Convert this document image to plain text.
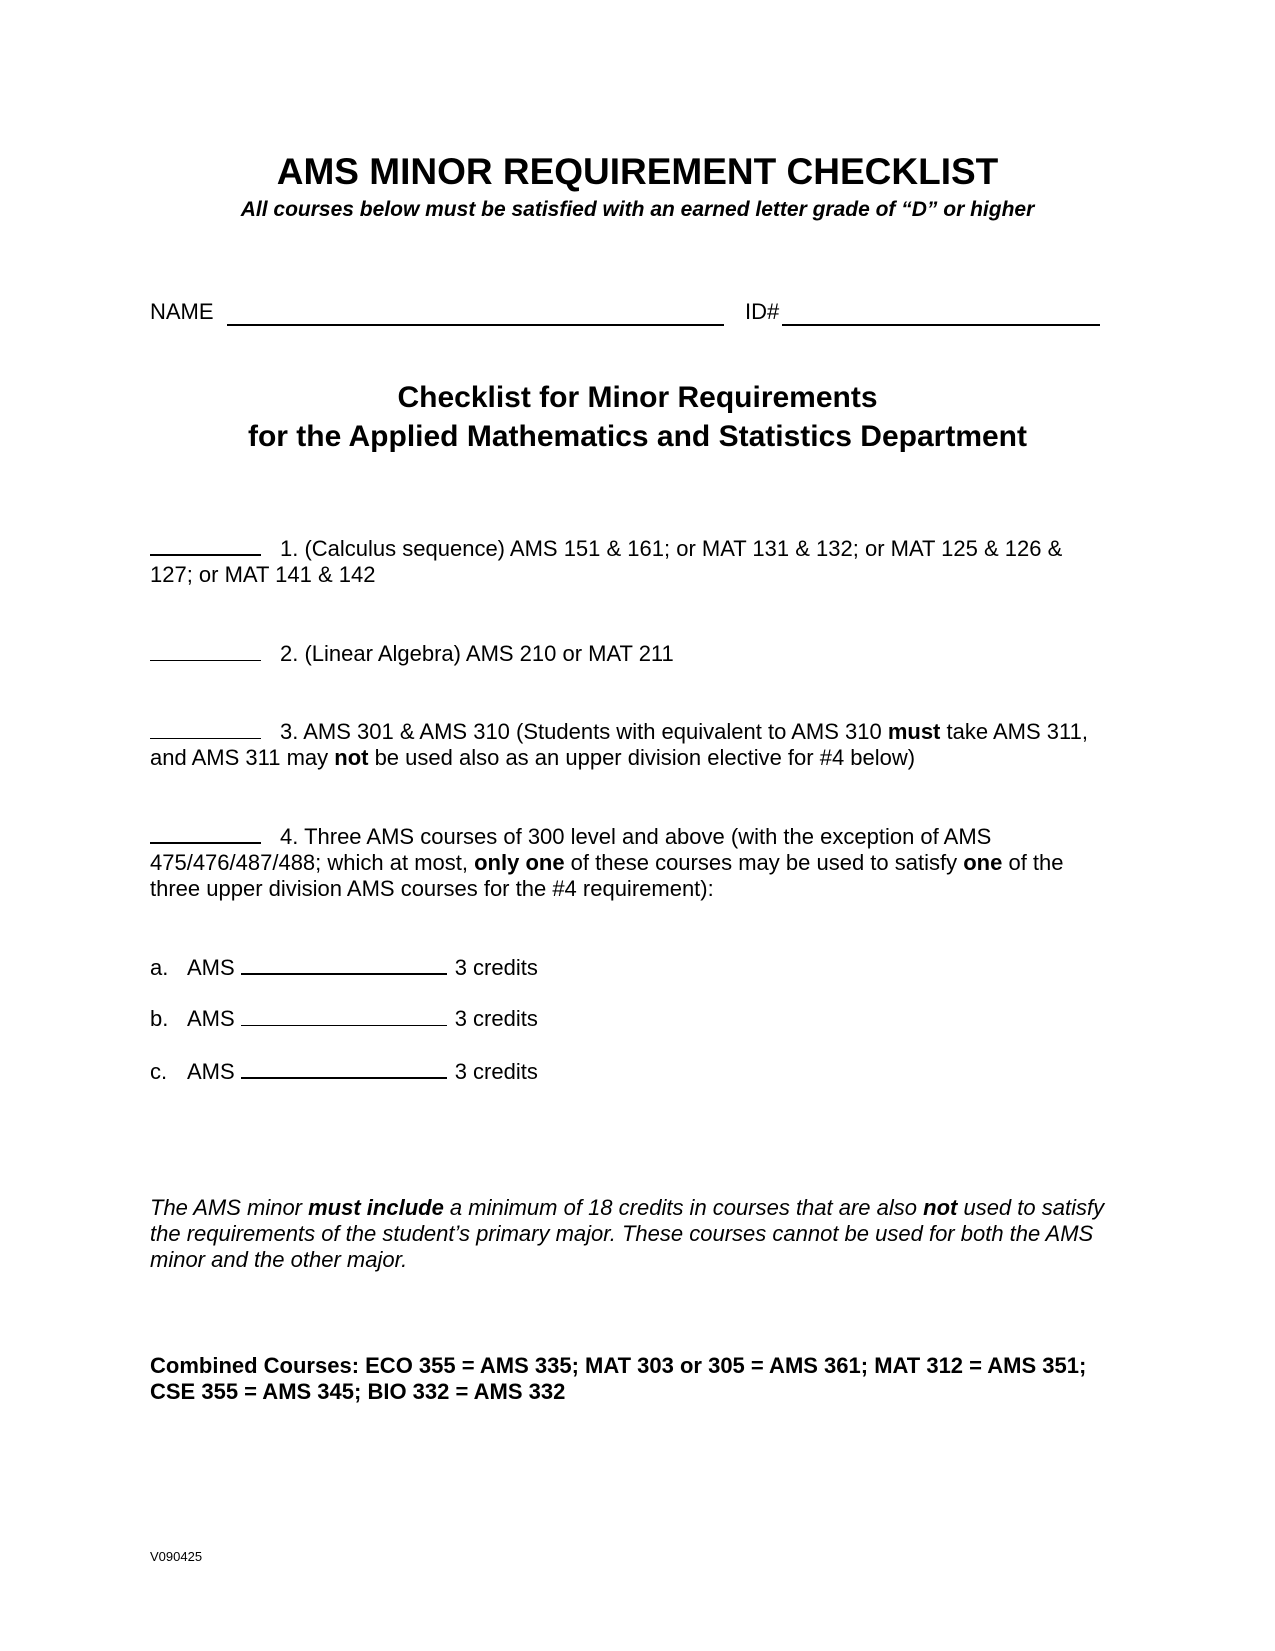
AMS MINOR REQUIREMENT CHECKLIST
All courses below must be satisfied with an earned letter grade of “D” or higher
NAME	ID#
Checklist for Minor Requirements
for the Applied Mathematics and Statistics Department
1. (Calculus sequence) AMS 151 & 161; or MAT 131 & 132; or MAT 125 & 126 & 127; or MAT 141 & 142
2. (Linear Algebra) AMS 210 or MAT 211
3. AMS 301 & AMS 310 (Students with equivalent to AMS 310 must take AMS 311, and AMS 311 may not be used also as an upper division elective for #4 below)
4. Three AMS courses of 300 level and above (with the exception of AMS 475/476/487/488; which at most, only one of these courses may be used to satisfy one of the three upper division AMS courses for the #4 requirement):
a. AMS	3 credits
b. AMS	3 credits
c. AMS	3 credits
The AMS minor must include a minimum of 18 credits in courses that are also not used to satisfy the requirements of the student’s primary major. These courses cannot be used for both the AMS minor and the other major.
Combined Courses: ECO 355 = AMS 335; MAT 303 or 305 = AMS 361; MAT 312 = AMS 351; CSE 355 = AMS 345; BIO 332 = AMS 332
V090425
